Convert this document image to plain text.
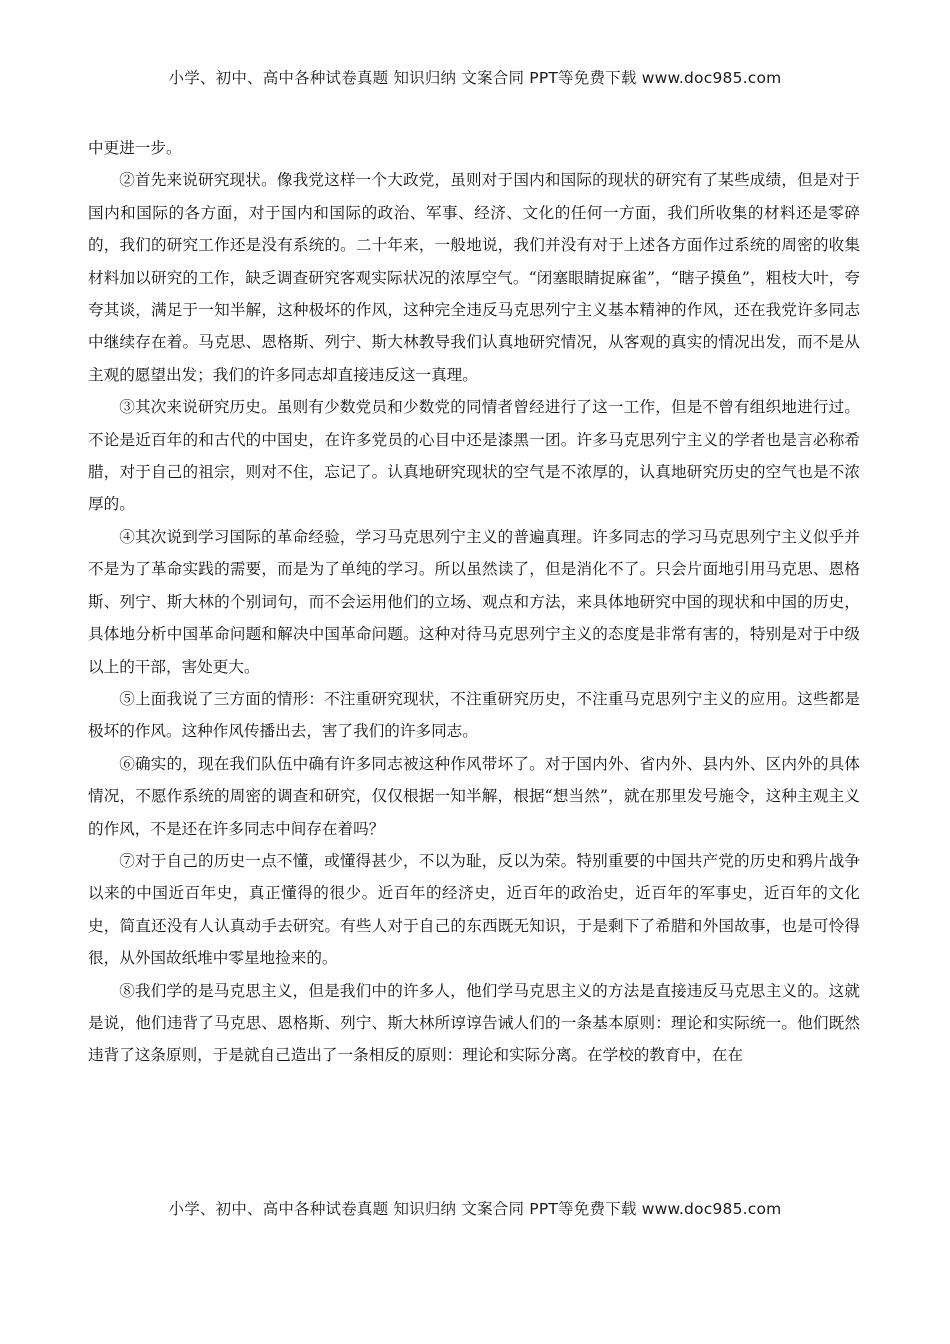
小学、初中、高中各种试卷真题 知识归纳 文案合同 PPT等免费下载 www.doc985.com

中更进一步。

②首先来说研究现状。像我党这样一个大政党，虽则对于国内和国际的现状的研究有了某些成绩，但是对于国内和国际的各方面，对于国内和国际的政治、军事、经济、文化的任何一方面，我们所收集的材料还是零碎的，我们的研究工作还是没有系统的。二十年来，一般地说，我们并没有对于上述各方面作过系统的周密的收集材料加以研究的工作，缺乏调查研究客观实际状况的浓厚空气。“闭塞眼睛捉麻雀”，“瞎子摸鱼”，粗枝大叶，夸夸其谈，满足于一知半解，这种极坏的作风，这种完全违反马克思列宁主义基本精神的作风，还在我党许多同志中继续存在着。马克思、恩格斯、列宁、斯大林教导我们认真地研究情况，从客观的真实的情况出发，而不是从主观的愿望出发；我们的许多同志却直接违反这一真理。

③其次来说研究历史。虽则有少数党员和少数党的同情者曾经进行了这一工作，但是不曾有组织地进行过。不论是近百年的和古代的中国史，在许多党员的心目中还是漆黑一团。许多马克思列宁主义的学者也是言必称希腊，对于自己的祖宗，则对不住，忘记了。认真地研究现状的空气是不浓厚的，认真地研究历史的空气也是不浓厚的。

④其次说到学习国际的革命经验，学习马克思列宁主义的普遍真理。许多同志的学习马克思列宁主义似乎并不是为了革命实践的需要，而是为了单纯的学习。所以虽然读了，但是消化不了。只会片面地引用马克思、恩格斯、列宁、斯大林的个别词句，而不会运用他们的立场、观点和方法，来具体地研究中国的现状和中国的历史，具体地分析中国革命问题和解决中国革命问题。这种对待马克思列宁主义的态度是非常有害的，特别是对于中级以上的干部，害处更大。

⑤上面我说了三方面的情形：不注重研究现状，不注重研究历史，不注重马克思列宁主义的应用。这些都是极坏的作风。这种作风传播出去，害了我们的许多同志。

⑥确实的，现在我们队伍中确有许多同志被这种作风带坏了。对于国内外、省内外、县内外、区内外的具体情况，不愿作系统的周密的调查和研究，仅仅根据一知半解，根据“想当然”，就在那里发号施令，这种主观主义的作风，不是还在许多同志中间存在着吗？

⑦对于自己的历史一点不懂，或懂得甚少，不以为耻，反以为荣。特别重要的中国共产党的历史和鸦片战争以来的中国近百年史，真正懂得的很少。近百年的经济史，近百年的政治史，近百年的军事史，近百年的文化史，简直还没有人认真动手去研究。有些人对于自己的东西既无知识，于是剩下了希腊和外国故事，也是可怜得很，从外国故纸堆中零星地捡来的。

⑧我们学的是马克思主义，但是我们中的许多人，他们学马克思主义的方法是直接违反马克思主义的。这就是说，他们违背了马克思、恩格斯、列宁、斯大林所谆谆告诫人们的一条基本原则：理论和实际统一。他们既然违背了这条原则，于是就自己造出了一条相反的原则：理论和实际分离。在学校的教育中，在在

小学、初中、高中各种试卷真题 知识归纳 文案合同 PPT等免费下载 www.doc985.com
